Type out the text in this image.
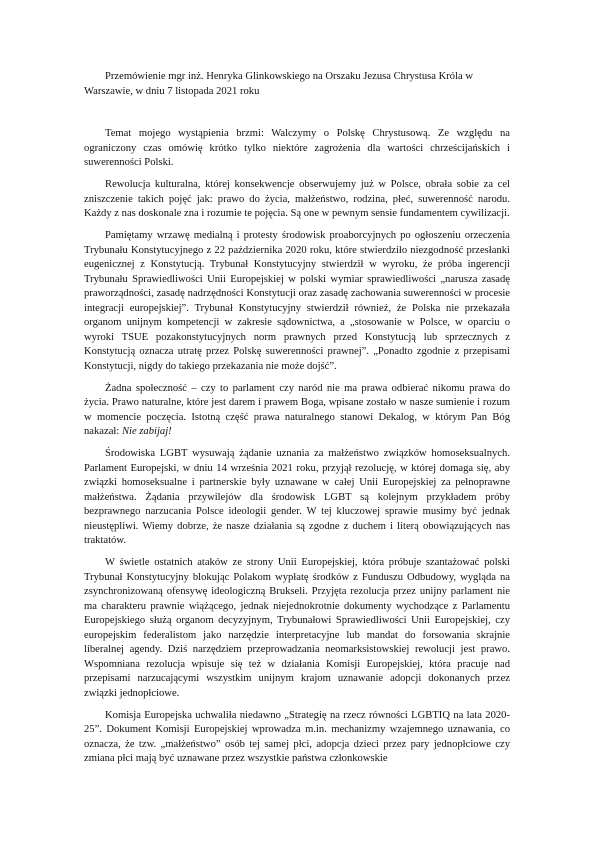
Przemówienie mgr inż. Henryka Glinkowskiego na Orszaku Jezusa Chrystusa Króla w Warszawie, w dniu 7 listopada 2021 roku

Temat mojego wystąpienia brzmi: Walczymy o Polskę Chrystusową. Ze względu na ograniczony czas omówię krótko tylko niektóre zagrożenia dla wartości chrześcijańskich i suwerenności Polski.

Rewolucja kulturalna, której konsekwencje obserwujemy już w Polsce, obrała sobie za cel zniszczenie takich pojęć jak: prawo do życia, małżeństwo, rodzina, płeć, suwerenność narodu. Każdy z nas doskonale zna i rozumie te pojęcia. Są one w pewnym sensie fundamentem cywilizacji.

Pamiętamy wrzawę medialną i protesty środowisk proaborcyjnych po ogłoszeniu orzeczenia Trybunału Konstytucyjnego z 22 października 2020 roku, które stwierdziło niezgodność przesłanki eugenicznej z Konstytucją. Trybunał Konstytucyjny stwierdził w wyroku, że próba ingerencji Trybunału Sprawiedliwości Unii Europejskiej w polski wymiar sprawiedliwości „narusza zasadę praworządności, zasadę nadrzędności Konstytucji oraz zasadę zachowania suwerenności w procesie integracji europejskiej”. Trybunał Konstytucyjny stwierdził również, że Polska nie przekazała organom unijnym kompetencji w zakresie sądownictwa, a „stosowanie w Polsce, w oparciu o wyroki TSUE pozakonstytucyjnych norm prawnych przed Konstytucją lub sprzecznych z Konstytucją oznacza utratę przez Polskę suwerenności prawnej”. „Ponadto zgodnie z przepisami Konstytucji, nigdy do takiego przekazania nie może dojść”.

Żadna społeczność – czy to parlament czy naród nie ma prawa odbierać nikomu prawa do życia. Prawo naturalne, które jest darem i prawem Boga, wpisane zostało w nasze sumienie i rozum w momencie poczęcia. Istotną część prawa naturalnego stanowi Dekalog, w którym Pan Bóg nakazał: Nie zabijaj!

Środowiska LGBT wysuwają żądanie uznania za małżeństwo związków homoseksualnych. Parlament Europejski, w dniu 14 września 2021 roku, przyjął rezolucję, w której domaga się, aby związki homoseksualne i partnerskie były uznawane w całej Unii Europejskiej za pełnoprawne małżeństwa. Żądania przywilejów dla środowisk LGBT są kolejnym przykładem próby bezprawnego narzucania Polsce ideologii gender. W tej kluczowej sprawie musimy być jednak nieustępliwi. Wiemy dobrze, że nasze działania są zgodne z duchem i literą obowiązujących nas traktatów.

W świetle ostatnich ataków ze strony Unii Europejskiej, która próbuje szantażować polski Trybunał Konstytucyjny blokując Polakom wypłatę środków z Funduszu Odbudowy, wygląda na zsynchronizowaną ofensywę ideologiczną Brukseli. Przyjęta rezolucja przez unijny parlament nie ma charakteru prawnie wiążącego, jednak niejednokrotnie dokumenty wychodzące z Parlamentu Europejskiego służą organom decyzyjnym, Trybunałowi Sprawiedliwości Unii Europejskiej, czy europejskim federalistom jako narzędzie interpretacyjne lub mandat do forsowania skrajnie liberalnej agendy. Dziś narzędziem przeprowadzania neomarksistowskiej rewolucji jest prawo. Wspomniana rezolucja wpisuje się też w działania Komisji Europejskiej, która pracuje nad przepisami narzucającymi wszystkim unijnym krajom uznawanie adopcji dokonanych przez związki jednopłciowe.

Komisja Europejska uchwaliła niedawno „Strategię na rzecz równości LGBTIQ na lata 2020-25”. Dokument Komisji Europejskiej wprowadza m.in. mechanizmy wzajemnego uznawania, co oznacza, że tzw. „małżeństwo” osób tej samej płci, adopcja dzieci przez pary jednopłciowe czy zmiana płci mają być uznawane przez wszystkie państwa członkowskie
